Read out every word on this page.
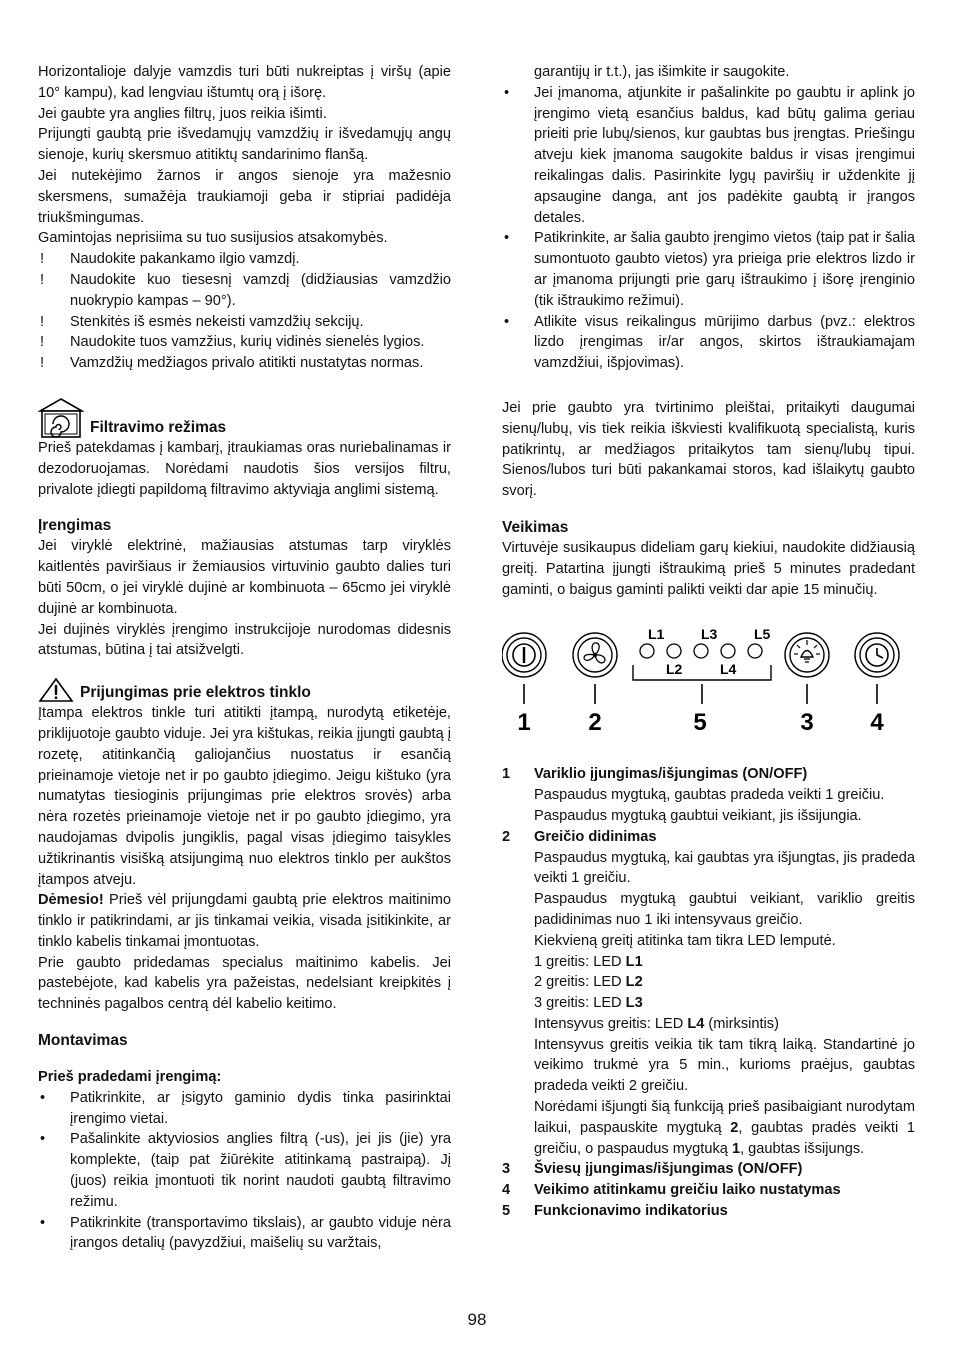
Horizontalioje dalyje vamzdis turi būti nukreiptas į viršų (apie 10° kampu), kad lengviau ištumtų orą į išorę.

Jei gaubte yra anglies filtrų, juos reikia išimti.

Prijungti gaubtą prie išvedamųjų vamzdžių ir išvedamųjų angų sienoje, kurių skersmuo atitiktų sandarinimo flanšą.

Jei nutekėjimo žarnos ir angos sienoje yra mažesnio skersmens, sumažėja traukiamoji geba ir stipriai padidėja triukšmingumas.

Gamintojas neprisiima su tuo susijusios atsakomybės.

! Naudokite pakankamo ilgio vamzdį.
! Naudokite kuo tiesesnį vamzdį (didžiausias vamzdžio nuokrypio kampas – 90°).
! Stenkitės iš esmės nekeisti vamzdžių sekcijų.
! Naudokite tuos vamzžius, kurių vidinės sienelės lygios.
! Vamzdžių medžiagos privalo atitikti nustatytas normas.
Filtravimo režimas

Prieš patekdamas į kambarį, įtraukiamas oras nuriebalinamas ir dezodoruojamas. Norėdami naudotis šios versijos filtru, privalote įdiegti papildomą filtravimo aktyviąja anglimi sistemą.

Įrengimas

Jei viryklė elektrinė, mažiausias atstumas tarp viryklės kaitlentės paviršiaus ir žemiausios virtuvinio gaubto dalies turi būti 50cm, o jei viryklė dujinė ar kombinuota – 65cmo jei viryklė dujinė ar kombinuota.

Jei dujinės viryklės įrengimo instrukcijoje nurodomas didesnis atstumas, būtina į tai atsižvelgti.

Prijungimas prie elektros tinklo

Įtampa elektros tinkle turi atitikti įtampą, nurodytą etiketėje, priklijuotoje gaubto viduje. Jei yra kištukas, reikia įjungti gaubtą į rozetę, atitinkančią galiojančius nuostatus ir esančią prieinamoje vietoje net ir po gaubto įdiegimo. Jeigu kištuko (yra numatytas tiesioginis prijungimas prie elektros srovės) arba nėra rozetės prieinamoje vietoje net ir po gaubto įdiegimo, yra naudojamas dvipolis jungiklis, pagal visas įdiegimo taisykles užtikrinantis visišką atsijungimą nuo elektros tinklo per aukštos įtampos atveju.

Dėmesio! Prieš vėl prijungdami gaubtą prie elektros maitinimo tinklo ir patikrindami, ar jis tinkamai veikia, visada įsitikinkite, ar tinklo kabelis tinkamai įmontuotas.

Prie gaubto pridedamas specialus maitinimo kabelis. Jei pastebėjote, kad kabelis yra pažeistas, nedelsiant kreipkitės į techninės pagalbos centrą dėl kabelio keitimo.

Montavimas
Prieš pradedami įrengimą:
• Patikrinkite, ar įsigyto gaminio dydis tinka pasirinktai įrengimo vietai.
• Pašalinkite aktyviosios anglies filtrą (-us), jei jis (jie) yra komplekte, (taip pat žiūrėkite atitinkamą pastraipą). Jį (juos) reikia įmontuoti tik norint naudoti gaubtą filtravimo režimu.
• Patikrinkite (transportavimo tikslais), ar gaubto viduje nėra įrangos detalių (pavyzdžiui, maišelių su varžtais,
garantijų ir t.t.), jas išimkite ir saugokite.
• Jei įmanoma, atjunkite ir pašalinkite po gaubtu ir aplink jo įrengimo vietą esančius baldus, kad būtų galima geriau prieiti prie lubų/sienos, kur gaubtas bus įrengtas. Priešingu atveju kiek įmanoma saugokite baldus ir visas įrengimui reikalingas dalis. Pasirinkite lygų paviršių ir uždenkite jį apsaugine danga, ant jos padėkite gaubtą ir įrangos detales.
• Patikrinkite, ar šalia gaubto įrengimo vietos (taip pat ir šalia sumontuoto gaubto vietos) yra prieiga prie elektros lizdo ir ar įmanoma prijungti prie garų ištraukimo į išorę įrenginio (tik ištraukimo režimui).
• Atlikite visus reikalingus mūrijimo darbus (pvz.: elektros lizdo įrengimas ir/ar angos, skirtos ištraukiamajam vamzdžiui, išpjovimas).

Jei prie gaubto yra tvirtinimo pleištai, pritaikyti daugumai sienų/lubų, vis tiek reikia iškviesti kvalifikuotą specialistą, kuris patikrintų, ar medžiagos pritaikytos tam sienų/lubų tipui. Sienos/lubos turi būti pakankamai storos, kad išlaikytų gaubto svorį.

Veikimas

Virtuvėje susikaupus dideliam garų kiekiui, naudokite didžiausią greitį. Patartina įjungti ištraukimą prieš 5 minutes pradedant gaminti, o baigus gaminti palikti veikti dar apie 15 minučių.

L1	L3	L5
L2	L4
1 2	5	3 4
1 Variklio įjungimas/išjungimas (ON/OFF)
Paspaudus mygtuką, gaubtas pradeda veikti 1 greičiu.
Paspaudus mygtuką gaubtui veikiant, jis išsijungia.
2 Greičio didinimas
Paspaudus mygtuką, kai gaubtas yra išjungtas, jis pradeda veikti 1 greičiu.
Paspaudus mygtuką gaubtui veikiant, variklio greitis padidinimas nuo 1 iki intensyvaus greičio.
Kiekvieną greitį atitinka tam tikra LED lemputė.
1 greitis: LED L1
2 greitis: LED L2
3 greitis: LED L3
Intensyvus greitis: LED L4 (mirksintis)
Intensyvus greitis veikia tik tam tikrą laiką. Standartinė jo veikimo trukmė yra 5 min., kurioms praėjus, gaubtas pradeda veikti 2 greičiu.
Norėdami išjungti šią funkciją prieš pasibaigiant nurodytam laikui, paspauskite mygtuką 2, gaubtas pradės veikti 1 greičiu, o paspaudus mygtuką 1, gaubtas išsijungs.
3 Šviesų įjungimas/išjungimas (ON/OFF)
4 Veikimo atitinkamu greičiu laiko nustatymas
5 Funkcionavimo indikatorius
98
